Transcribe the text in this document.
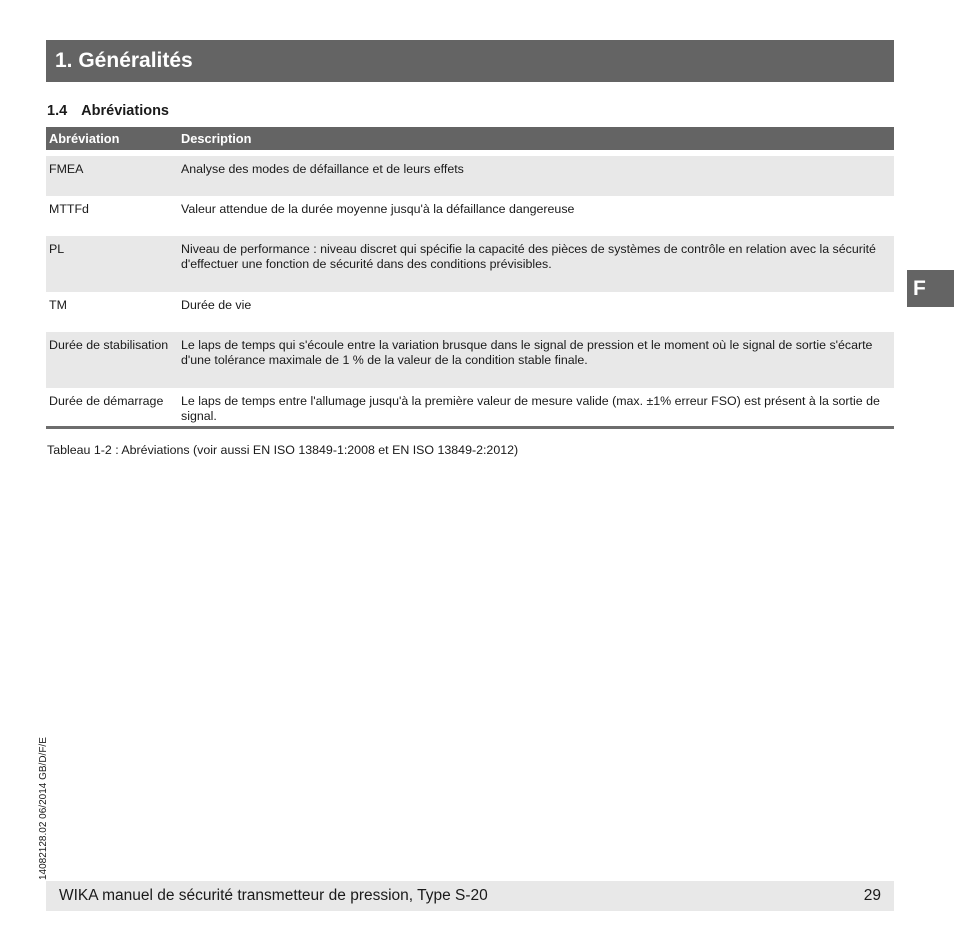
1. Généralités
F
1.4 Abréviations
Abréviation	Description
FMEA	Analyse des modes de défaillance et de leurs effets
MTTFd	Valeur attendue de la durée moyenne jusqu'à la défaillance dangereuse
PL	Niveau de performance : niveau discret qui spécifie la capacité des pièces de systèmes de contrôle en relation avec la sécurité d'effectuer une fonction de sécurité dans des conditions prévisibles.
TM	Durée de vie
Durée de stabilisation	Le laps de temps qui s'écoule entre la variation brusque dans le signal de pression et le moment où le signal de sortie s'écarte d'une tolérance maximale de 1 % de la valeur de la condition stable finale.
Durée de démarrage	Le laps de temps entre l'allumage jusqu'à la première valeur de mesure valide (max. ±1% erreur FSO) est présent à la sortie de signal.
Tableau 1-2 : Abréviations (voir aussi EN ISO 13849-1:2008 et EN ISO 13849-2:2012)
14082128.02 06/2014 GB/D/F/E
WIKA manuel de sécurité transmetteur de pression, Type S-20	29
